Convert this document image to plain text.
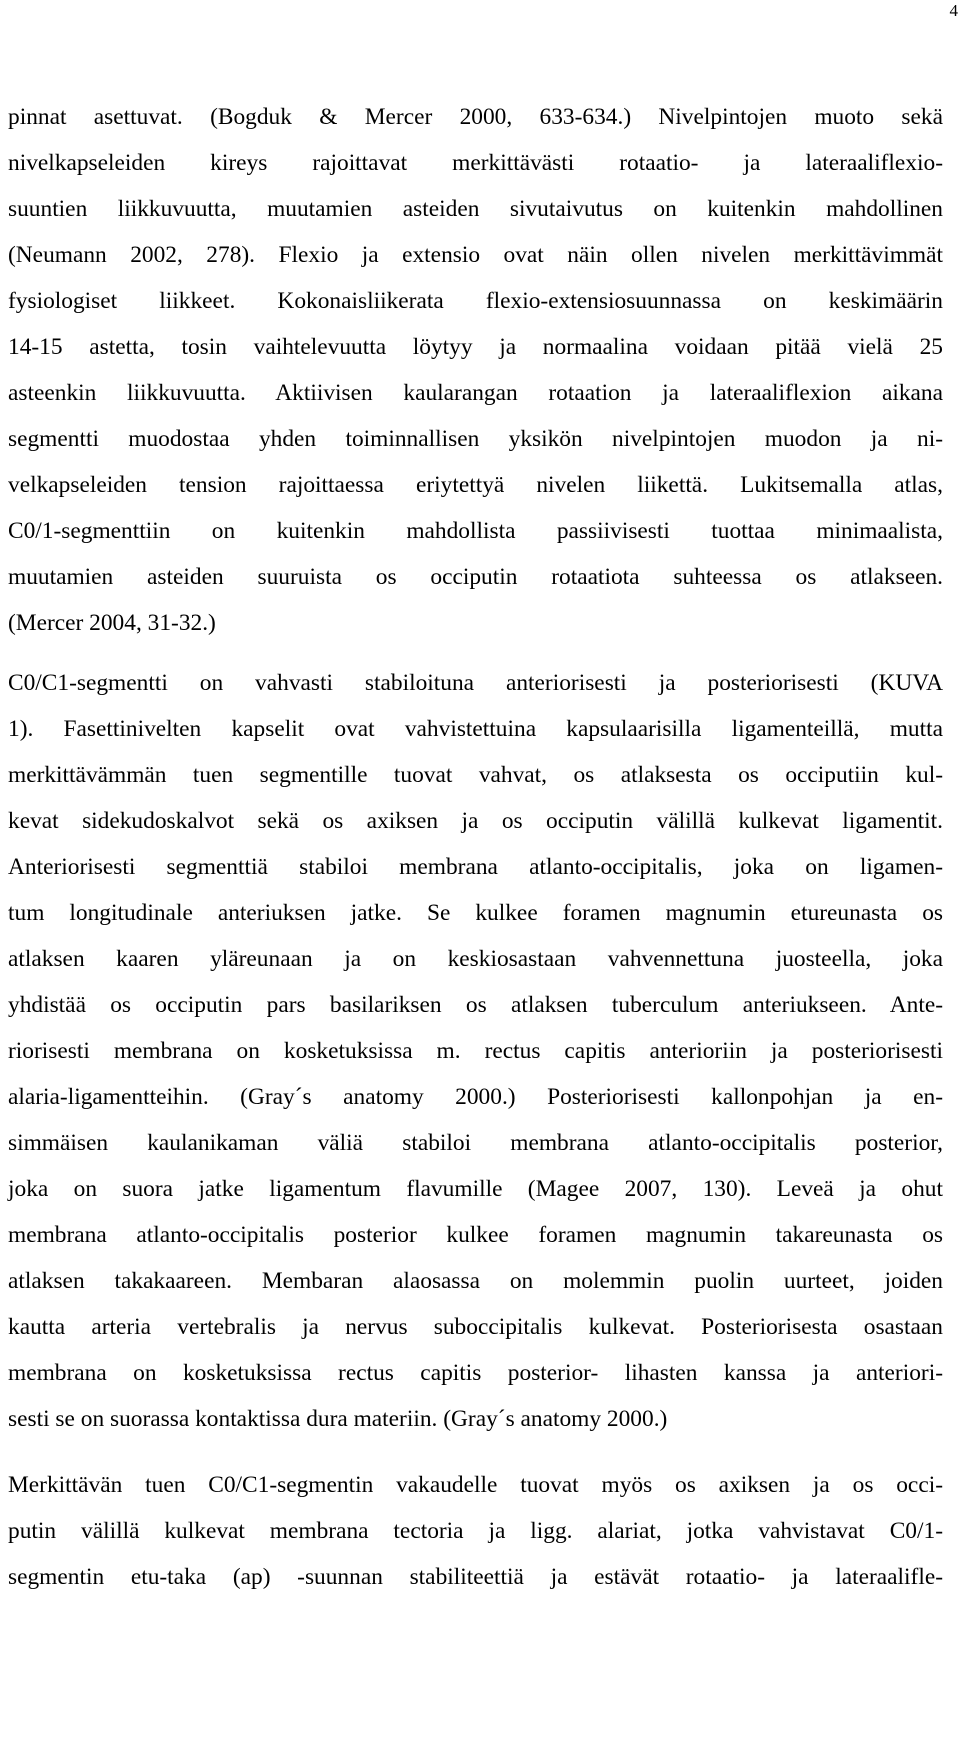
4

pinnat asettuvat. (Bogduk & Mercer 2000, 633-634.) Nivelpintojen muoto sekä
nivelkapseleiden kireys rajoittavat merkittävästi rotaatio- ja lateraaliflexio-
suuntien liikkuvuutta, muutamien asteiden sivutaivutus on kuitenkin mahdollinen
(Neumann 2002, 278). Flexio ja extensio ovat näin ollen nivelen merkittävimmät
fysiologiset liikkeet. Kokonaisliikerata flexio-extensiosuunnassa on keskimäärin
14-15 astetta, tosin vaihtelevuutta löytyy ja normaalina voidaan pitää vielä 25
asteenkin liikkuvuutta. Aktiivisen kaularangan rotaation ja lateraaliflexion aikana
segmentti muodostaa yhden toiminnallisen yksikön nivelpintojen muodon ja ni-
velkapseleiden tension rajoittaessa eriytettyä nivelen liikettä. Lukitsemalla atlas,
C0/1-segmenttiin on kuitenkin mahdollista passiivisesti tuottaa minimaalista,
muutamien asteiden suuruista os occiputin rotaatiota suhteessa os atlakseen.
(Mercer 2004, 31-32.)

C0/C1-segmentti on vahvasti stabiloituna anteriorisesti ja posteriorisesti (KUVA
1). Fasettinivelten kapselit ovat vahvistettuina kapsulaarisilla ligamenteillä, mutta
merkittävämmän tuen segmentille tuovat vahvat, os atlaksesta os occiputiin kul-
kevat sidekudoskalvot sekä os axiksen ja os occiputin välillä kulkevat ligamentit.
Anteriorisesti segmenttiä stabiloi membrana atlanto-occipitalis, joka on ligamen-
tum longitudinale anteriuksen jatke. Se kulkee foramen magnumin etureunasta os
atlaksen kaaren yläreunaan ja on keskiosastaan vahvennettuna juosteella, joka
yhdistää os occiputin pars basilariksen os atlaksen tuberculum anteriukseen. Ante-
riorisesti membrana on kosketuksissa m. rectus capitis anterioriin ja posteriorisesti
alaria-ligamentteihin. (Gray´s anatomy 2000.) Posteriorisesti kallonpohjan ja en-
simmäisen kaulanikaman väliä stabiloi membrana atlanto-occipitalis posterior,
joka on suora jatke ligamentum flavumille (Magee 2007, 130). Leveä ja ohut
membrana atlanto-occipitalis posterior kulkee foramen magnumin takareunasta os
atlaksen takakaareen. Membaran alaosassa on molemmin puolin uurteet, joiden
kautta arteria vertebralis ja nervus suboccipitalis kulkevat. Posteriorisesta osastaan
membrana on kosketuksissa rectus capitis posterior- lihasten kanssa ja anteriori-
sesti se on suorassa kontaktissa dura materiin. (Gray´s anatomy 2000.)

Merkittävän tuen C0/C1-segmentin vakaudelle tuovat myös os axiksen ja os occi-
putin välillä kulkevat membrana tectoria ja ligg. alariat, jotka vahvistavat C0/1-
segmentin etu-taka (ap) -suunnan stabiliteettiä ja estävät rotaatio- ja lateraalifle-
